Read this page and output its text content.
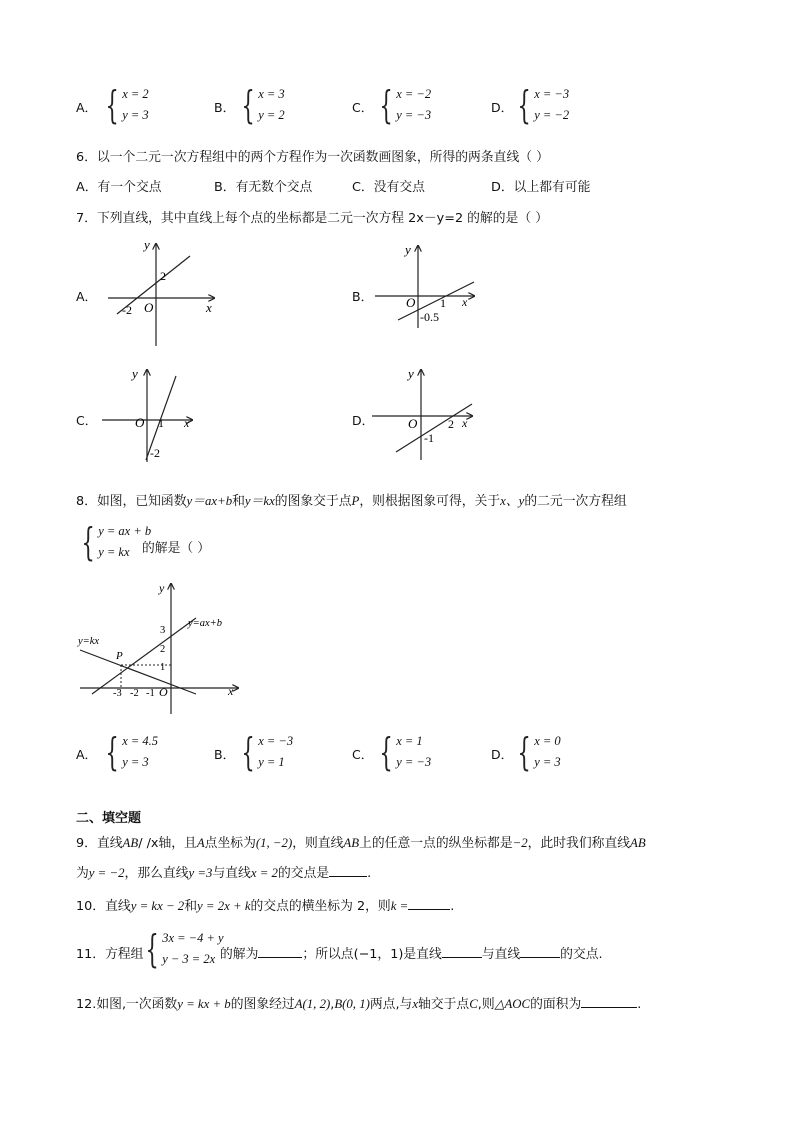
A． { x = 2
y = 3	B． { x = 3
y = 2	C． { x = −2
y = −3	D． { x = −3
y = −2
6．以一个二元一次方程组中的两个方程作为一次函数画图象，所得的两条直线（ ）
A．有一个交点	B．有无数个交点	C．没有交点	D．以上都有可能
7．下列直线，其中直线上每个点的坐标都是二元一次方程 2x－y=2 的解的是（ ）
A．
y
x
O
2
-2
B．
y
x
O 1
-0.5
C．
y
x
O 1
-2
D．
y
x
O	2
-1
8．如图，已知函数y＝ax+b和y＝kx的图象交于点P，则根据图象可得，关于x、y的二元一次方程组
{ y = ax + b
y = kx 的解是（ ）
y
x
O
y=ax+b
y=kx
P
3
2
1
-3 -2 -1
A． { x = 4.5
y = 3	B． { x = −3
y = 1	C． { x = 1
y = −3	D． { x = 0
y = 3
二、填空题
9．直线AB/ /x轴，且A点坐标为(1, −2)，则直线AB上的任意一点的纵坐标都是−2，此时我们称直线AB
为y = −2，那么直线y =3与直线x = 2的交点是	.
10．直线y = kx − 2和y = 2x + k的交点的横坐标为 2，则k =	.
11．方程组 { 3x = −4 + y
y − 3 = 2x 的解为	；所以点(−1，1)是直线	与直线	的交点.
12.如图,一次函数y = kx + b的图象经过A(1, 2),B(0, 1)两点,与x轴交于点C,则△AOC的面积为	.
